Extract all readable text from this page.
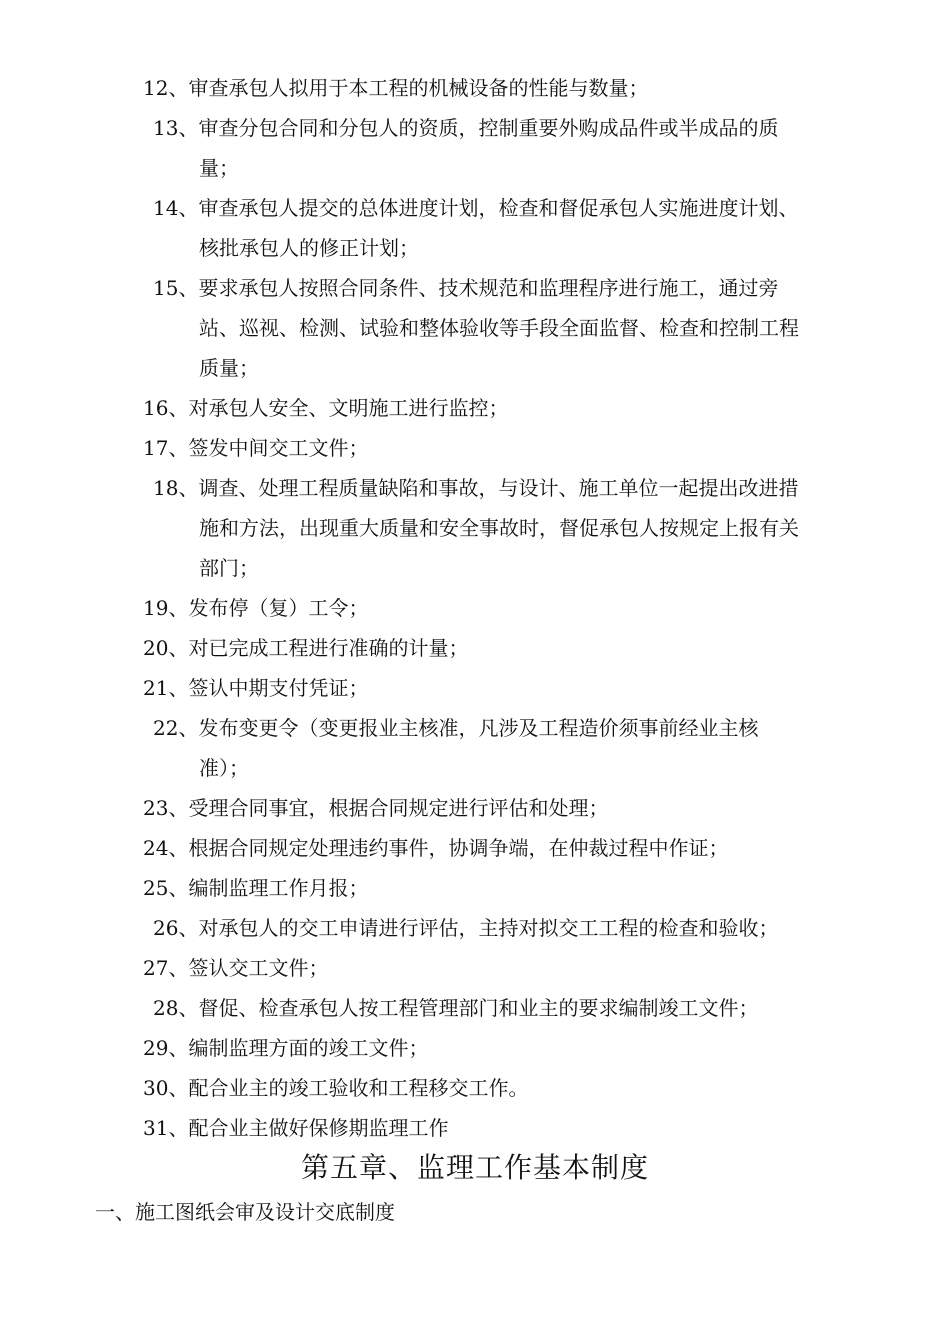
12、审查承包人拟用于本工程的机械设备的性能与数量；
13、审查分包合同和分包人的资质，控制重要外购成品件或半成品的质量；
14、审查承包人提交的总体进度计划，检查和督促承包人实施进度计划、核批承包人的修正计划；
15、要求承包人按照合同条件、技术规范和监理程序进行施工，通过旁站、巡视、检测、试验和整体验收等手段全面监督、检查和控制工程质量；
16、对承包人安全、文明施工进行监控；
17、签发中间交工文件；
18、调查、处理工程质量缺陷和事故，与设计、施工单位一起提出改进措施和方法，出现重大质量和安全事故时，督促承包人按规定上报有关部门；
19、发布停（复）工令；
20、对已完成工程进行准确的计量；
21、签认中期支付凭证；
22、发布变更令（变更报业主核准，凡涉及工程造价须事前经业主核准）；
23、受理合同事宜，根据合同规定进行评估和处理；
24、根据合同规定处理违约事件，协调争端，在仲裁过程中作证；
25、编制监理工作月报；
26、对承包人的交工申请进行评估，主持对拟交工工程的检查和验收；
27、签认交工文件；
28、督促、检查承包人按工程管理部门和业主的要求编制竣工文件；
29、编制监理方面的竣工文件；
30、配合业主的竣工验收和工程移交工作。
31、配合业主做好保修期监理工作
第五章、监理工作基本制度
一、施工图纸会审及设计交底制度
